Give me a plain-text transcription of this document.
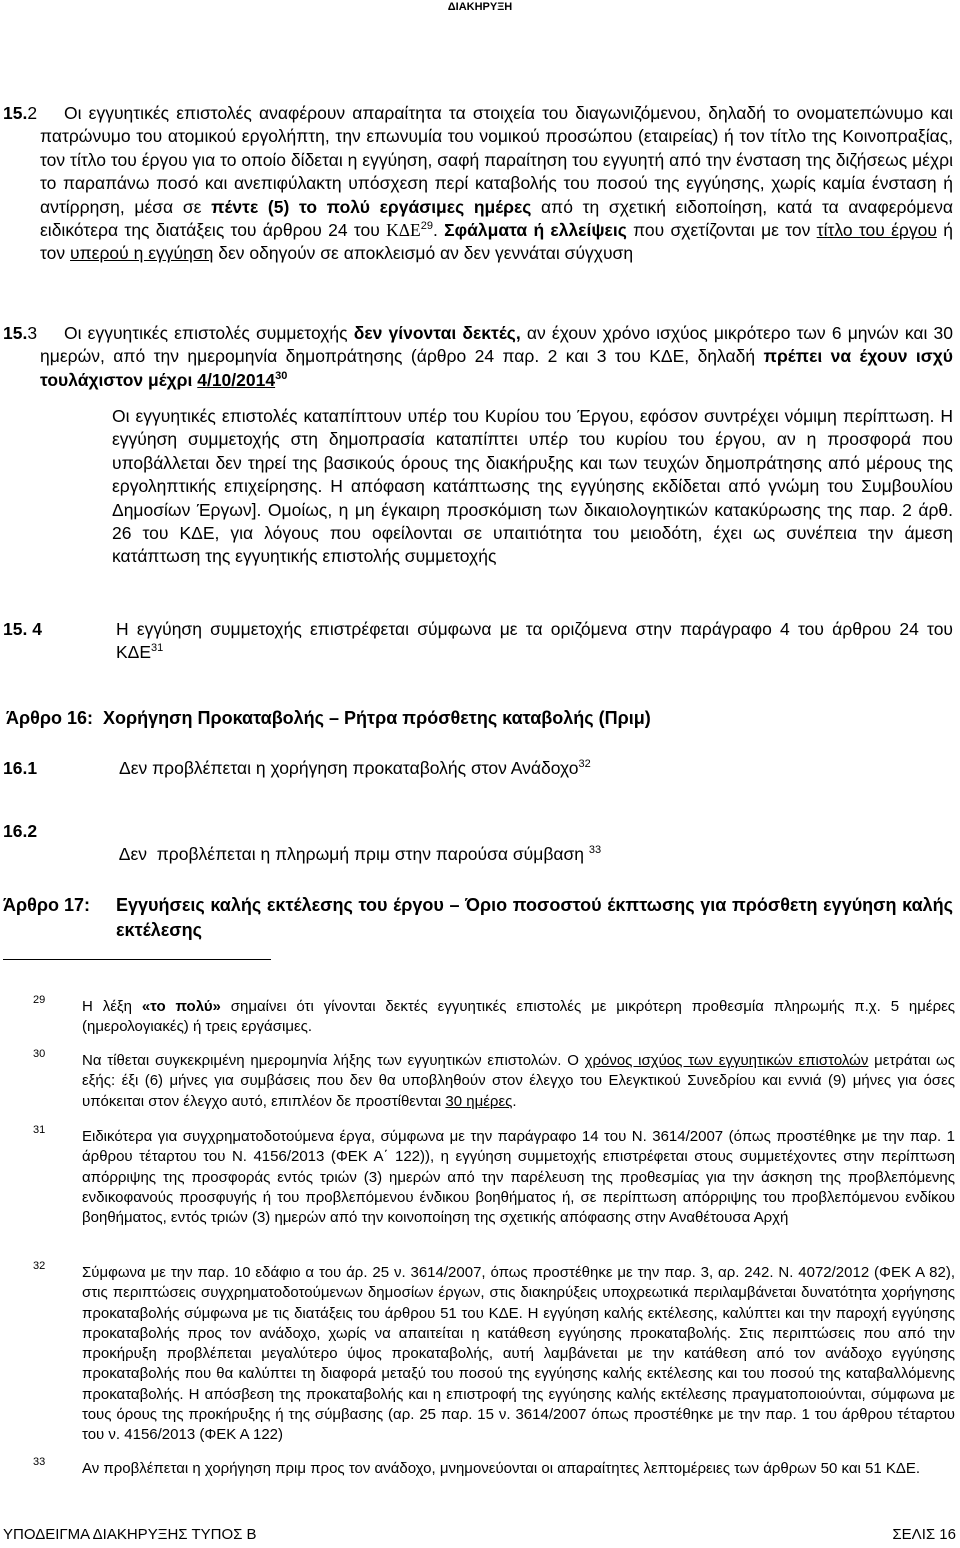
ΔΙΑΚΗΡΥΞΗ
15.2	Οι εγγυητικές επιστολές αναφέρουν απαραίτητα τα στοιχεία του διαγωνιζόμενου, δηλαδή το ονοματεπώνυμο και πατρώνυμο του ατομικού εργολήπτη, την επωνυμία του νομικού προσώπου (εταιρείας) ή τον τίτλο της Κοινοπραξίας, τον τίτλο του έργου για το οποίο δίδεται η εγγύηση, σαφή παραίτηση του εγγυητή από την ένσταση της διζήσεως μέχρι το παραπάνω ποσό και ανεπιφύλακτη υπόσχεση περί καταβολής του ποσού της εγγύησης, χωρίς καμία ένσταση ή αντίρρηση, μέσα σε πέντε (5) το πολύ εργάσιμες ημέρες από τη σχετική ειδοποίηση, κατά τα αναφερόμενα ειδικότερα της διατάξεις του άρθρου 24 του ΚΔΕ$^{29}$. Σφάλματα ή ελλείψεις που σχετίζονται με τον τίτλο του έργου ή τον υπερού η εγγύηση δεν οδηγούν σε αποκλεισμό αν δεν γεννάται σύγχυση
15.3	Οι εγγυητικές επιστολές συμμετοχής δεν γίνονται δεκτές, αν έχουν χρόνο ισχύος μικρότερο των 6 μηνών και 30 ημερών, από την ημερομηνία δημοπράτησης (άρθρο 24 παρ. 2 και 3 του ΚΔΕ, δηλαδή πρέπει να έχουν ισχύ τουλάχιστον μέχρι 4/10/2014$^{30}$
Οι εγγυητικές επιστολές καταπίπτουν υπέρ του Κυρίου του Έργου, εφόσον συντρέχει νόμιμη περίπτωση. Η εγγύηση συμμετοχής στη δημοπρασία καταπίπτει υπέρ του κυρίου του έργου, αν η προσφορά που υποβάλλεται δεν τηρεί της βασικούς όρους της διακήρυξης και των τευχών δημοπράτησης από μέρους της εργοληπτικής επιχείρησης. Η απόφαση κατάπτωσης της εγγύησης εκδίδεται από γνώμη του Συμβουλίου Δημοσίων Έργων]. Ομοίως, η μη έγκαιρη προσκόμιση των δικαιολογητικών κατακύρωσης της παρ. 2 άρθ. 26 του ΚΔΕ, για λόγους που οφείλονται σε υπαιτιότητα του μειοδότη, έχει ως συνέπεια την άμεση κατάπτωση της εγγυητικής επιστολής συμμετοχής
15. 4	Η εγγύηση συμμετοχής επιστρέφεται σύμφωνα με τα οριζόμενα στην παράγραφο 4 του άρθρου 24 του ΚΔΕ$^{31}$
Άρθρο 16:  Χορήγηση Προκαταβολής – Ρήτρα πρόσθετης καταβολής (Πριμ)
16.1	Δεν προβλέπεται η χορήγηση προκαταβολής στον Ανάδοχο$^{32}$
16.2

Δεν  προβλέπεται η πληρωμή πριμ στην παρούσα σύμβαση $^{33}$

Άρθρο 17: Εγγυήσεις καλής εκτέλεσης του έργου – Όριο ποσοστού έκπτωσης για πρόσθετη εγγύηση καλής εκτέλεσης
29 Η λέξη «το πολύ» σημαίνει ότι γίνονται δεκτές εγγυητικές επιστολές με μικρότερη προθεσμία πληρωμής π.χ. 5 ημέρες (ημερολογιακές) ή τρεις εργάσιμες.
30 Να τίθεται συγκεκριμένη ημερομηνία λήξης των εγγυητικών επιστολών. Ο χρόνος ισχύος των εγγυητικών επιστολών μετράται ως εξής: έξι (6) μήνες για συμβάσεις που δεν θα υποβληθούν στον έλεγχο του Ελεγκτικού Συνεδρίου και εννιά (9) μήνες για όσες υπόκειται στον έλεγχο αυτό, επιπλέον δε προστίθενται 30 ημέρες.
31 Ειδικότερα για συγχρηματοδοτούμενα έργα, σύμφωνα με την παράγραφο 14 του Ν. 3614/2007 (όπως προστέθηκε με την παρ. 1 άρθρου τέταρτου του Ν. 4156/2013 (ΦΕΚ Α΄ 122)), η εγγύηση συμμετοχής επιστρέφεται στους συμμετέχοντες στην περίπτωση απόρριψης της προσφοράς εντός τριών (3) ημερών από την παρέλευση της προθεσμίας για την άσκηση της προβλεπόμενης ενδικοφανούς προσφυγής ή του προβλεπόμενου ένδικου βοηθήματος ή, σε περίπτωση απόρριψης του προβλεπόμενου ενδίκου βοηθήματος, εντός τριών (3) ημερών από την κοινοποίηση της σχετικής απόφασης στην Αναθέτουσα Αρχή
32 Σύμφωνα με την παρ. 10 εδάφιο α του άρ. 25 ν. 3614/2007, όπως προστέθηκε με την παρ. 3, αρ. 242. Ν. 4072/2012 (ΦΕΚ Α 82), στις περιπτώσεις συγχρηματοδοτούμενων δημοσίων έργων, στις διακηρύξεις υποχρεωτικά περιλαμβάνεται δυνατότητα χορήγησης προκαταβολής σύμφωνα με τις διατάξεις του άρθρου 51 του ΚΔΕ. Η εγγύηση καλής εκτέλεσης, καλύπτει και την παροχή εγγύησης προκαταβολής προς τον ανάδοχο, χωρίς να απαιτείται η κατάθεση εγγύησης προκαταβολής. Στις περιπτώσεις που από την προκήρυξη προβλέπεται μεγαλύτερο ύψος προκαταβολής, αυτή λαμβάνεται με την κατάθεση από τον ανάδοχο εγγύησης προκαταβολής που θα καλύπτει τη διαφορά μεταξύ του ποσού της εγγύησης καλής εκτέλεσης και του ποσού της καταβαλλόμενης προκαταβολής. Η απόσβεση της προκαταβολής και η επιστροφή της εγγύησης καλής εκτέλεσης πραγματοποιούνται, σύμφωνα με τους όρους της προκήρυξης ή της σύμβασης (αρ. 25 παρ. 15 ν. 3614/2007 όπως προστέθηκε με την παρ. 1 του άρθρου τέταρτου του ν. 4156/2013 (ΦΕΚ Α 122)
33 Αν προβλέπεται η χορήγηση πριμ προς τον ανάδοχο, μνημονεύονται οι απαραίτητες λεπτομέρειες των άρθρων 50 και 51 ΚΔΕ.
ΥΠΟΔΕΙΓΜΑ ΔΙΑΚΗΡΥΞΗΣ ΤΥΠΟΣ Β	ΣΕΛΙΣ 16
